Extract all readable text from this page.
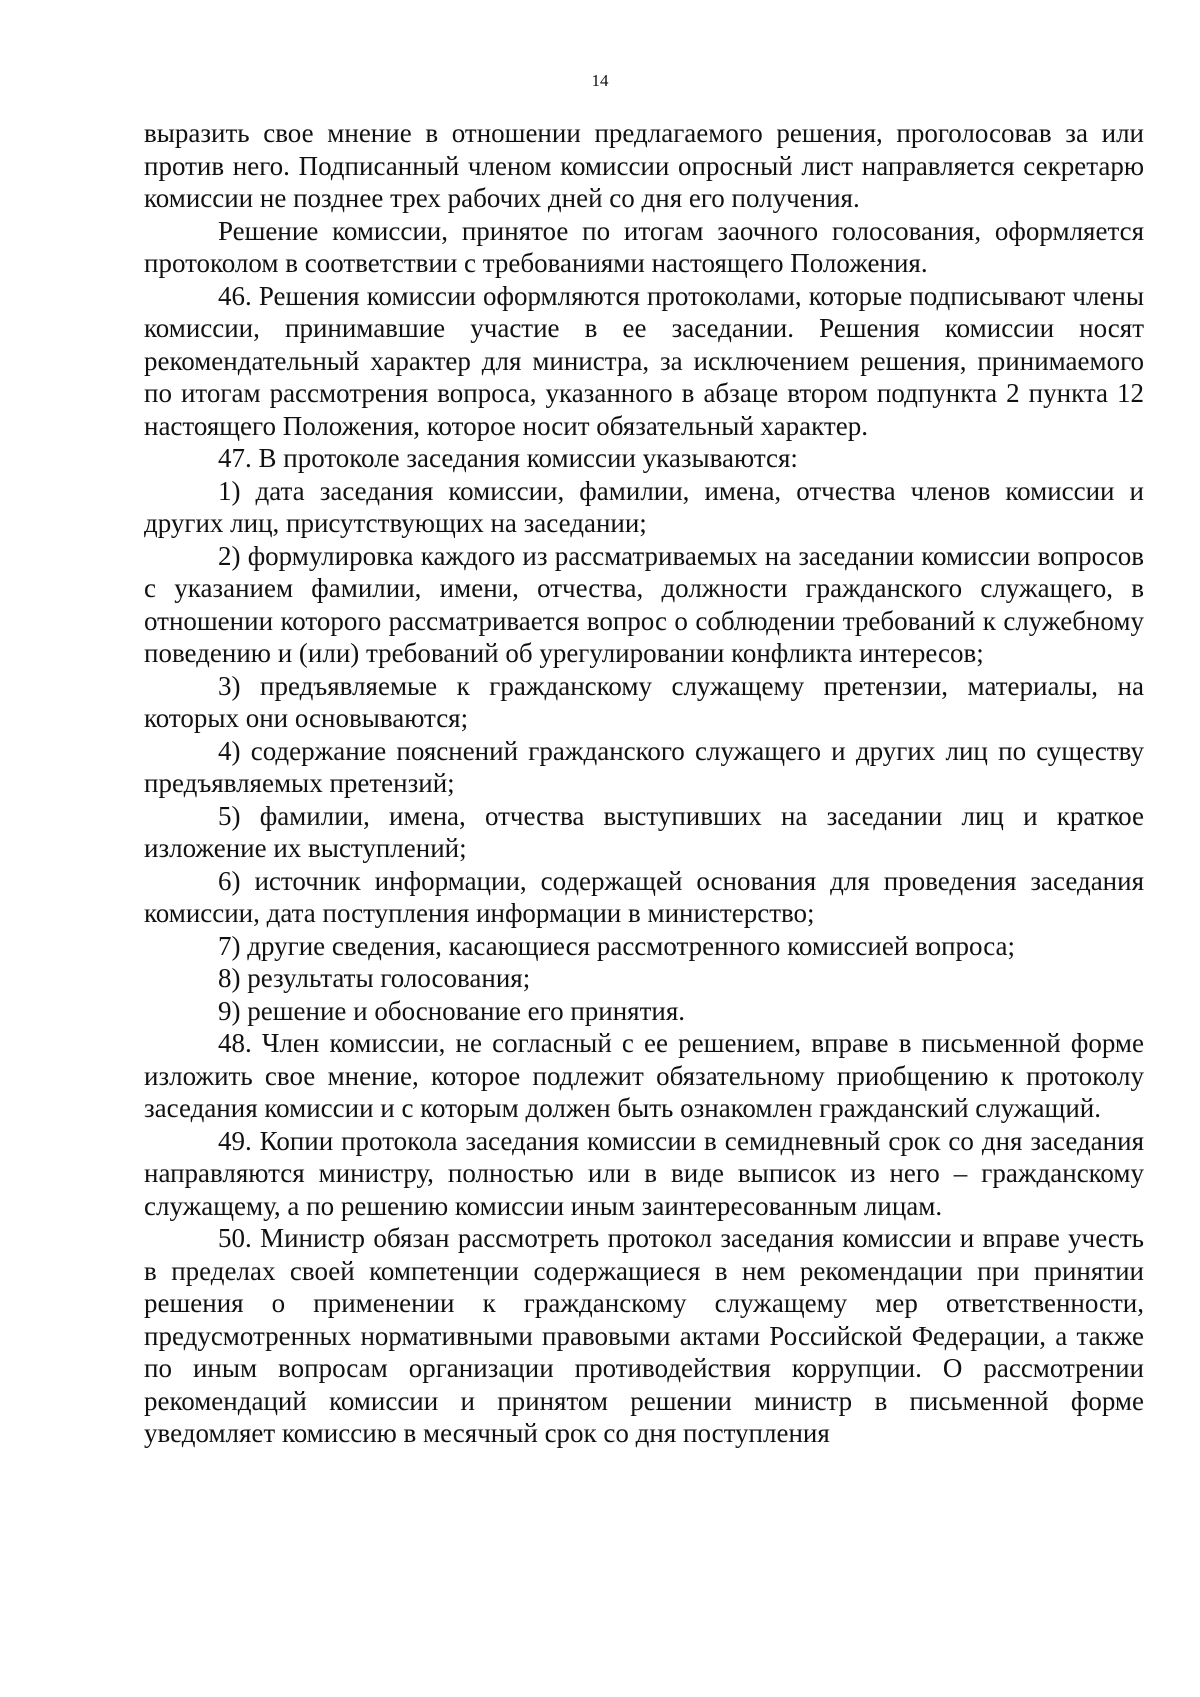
14

выразить свое мнение в отношении предлагаемого решения, проголосовав за или против него. Подписанный членом комиссии опросный лист направляется секретарю комиссии не позднее трех рабочих дней со дня его получения.

Решение комиссии, принятое по итогам заочного голосования, оформляется протоколом в соответствии с требованиями настоящего Положения.

46. Решения комиссии оформляются протоколами, которые подписывают члены комиссии, принимавшие участие в ее заседании. Решения комиссии носят рекомендательный характер для министра, за исключением решения, принимаемого по итогам рассмотрения вопроса, указанного в абзаце втором подпункта 2 пункта 12 настоящего Положения, которое носит обязательный характер.

47. В протоколе заседания комиссии указываются:

1) дата заседания комиссии, фамилии, имена, отчества членов комиссии и других лиц, присутствующих на заседании;

2) формулировка каждого из рассматриваемых на заседании комиссии вопросов с указанием фамилии, имени, отчества, должности гражданского служащего, в отношении которого рассматривается вопрос о соблюдении требований к служебному поведению и (или) требований об урегулировании конфликта интересов;

3) предъявляемые к гражданскому служащему претензии, материалы, на которых они основываются;

4) содержание пояснений гражданского служащего и других лиц по существу предъявляемых претензий;

5) фамилии, имена, отчества выступивших на заседании лиц и краткое изложение их выступлений;

6) источник информации, содержащей основания для проведения заседания комиссии, дата поступления информации в министерство;

7) другие сведения, касающиеся рассмотренного комиссией вопроса;

8) результаты голосования;

9) решение и обоснование его принятия.

48. Член комиссии, не согласный с ее решением, вправе в письменной форме изложить свое мнение, которое подлежит обязательному приобщению к протоколу заседания комиссии и с которым должен быть ознакомлен гражданский служащий.

49. Копии протокола заседания комиссии в семидневный срок со дня заседания направляются министру, полностью или в виде выписок из него – гражданскому служащему, а по решению комиссии иным заинтересованным лицам.

50. Министр обязан рассмотреть протокол заседания комиссии и вправе учесть в пределах своей компетенции содержащиеся в нем рекомендации при принятии решения о применении к гражданскому служащему мер ответственности, предусмотренных нормативными правовыми актами Российской Федерации, а также по иным вопросам организации противодействия коррупции. О рассмотрении рекомендаций комиссии и принятом решении министр в письменной форме уведомляет комиссию в месячный срок со дня поступления
